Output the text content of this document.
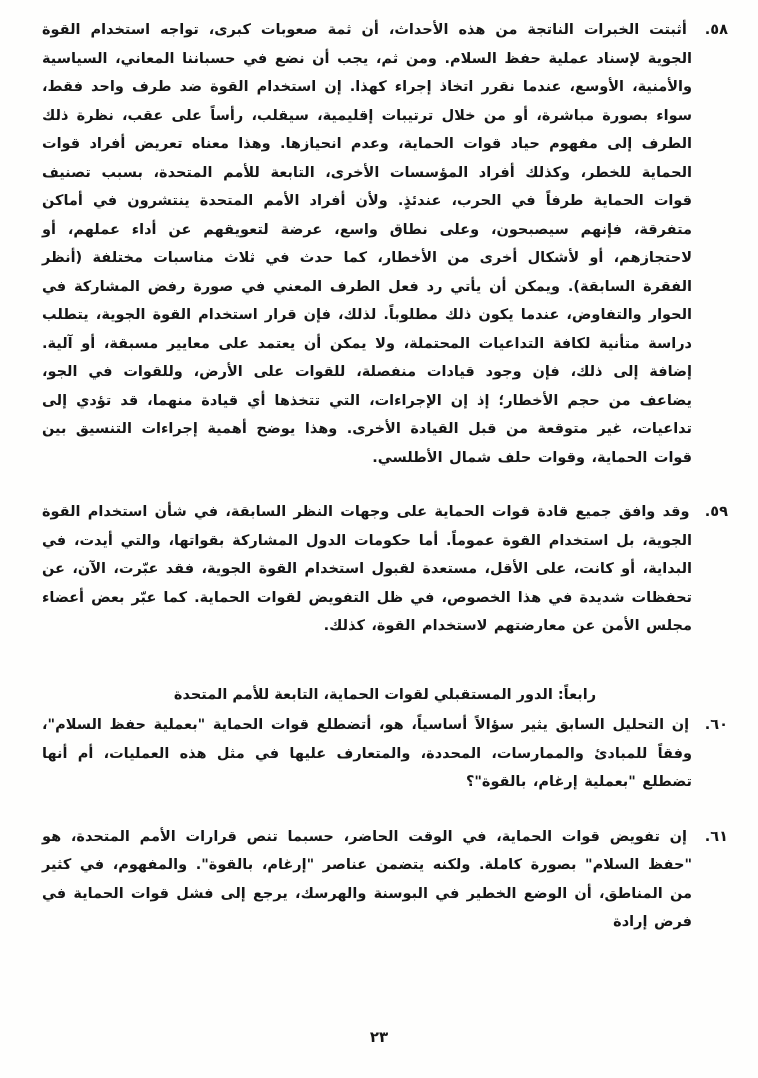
٥٨. أثبتت الخبرات الناتجة من هذه الأحداث، أن ثمة صعوبات كبرى، تواجه استخدام القوة الجوية لإسناد عملية حفظ السلام. ومن ثم، يجب أن نضع في حسباننا المعاني، السياسية والأمنية، الأوسع، عندما نقرر اتخاذ إجراء كهذا. إن استخدام القوة ضد طرف واحد فقط، سواء بصورة مباشرة، أو من خلال ترتيبات إقليمية، سيقلب، رأساً على عقب، نظرة ذلك الطرف إلى مفهوم حياد قوات الحماية، وعدم انحيازها. وهذا معناه تعريض أفراد قوات الحماية للخطر، وكذلك أفراد المؤسسات الأخرى، التابعة للأمم المتحدة، بسبب تصنيف قوات الحماية طرفاً في الحرب، عندئذٍ. ولأن أفراد الأمم المتحدة ينتشرون في أماكن متفرقة، فإنهم سيصبحون، وعلى نطاق واسع، عرضة لتعويقهم عن أداء عملهم، أو لاحتجازهم، أو لأشكال أخرى من الأخطار، كما حدث في ثلاث مناسبات مختلفة (أنظر الفقرة السابقة). ويمكن أن يأتي رد فعل الطرف المعني في صورة رفض المشاركة في الحوار والتفاوض، عندما يكون ذلك مطلوباً. لذلك، فإن قرار استخدام القوة الجوية، يتطلب دراسة متأنية لكافة التداعيات المحتملة، ولا يمكن أن يعتمد على معايير مسبقة، أو آلية. إضافة إلى ذلك، فإن وجود قيادات منفصلة، للقوات على الأرض، وللقوات في الجو، يضاعف من حجم الأخطار؛ إذ إن الإجراءات، التي تتخذها أي قيادة منهما، قد تؤدي إلى تداعيات، غير متوقعة من قبل القيادة الأخرى. وهذا يوضح أهمية إجراءات التنسيق بين قوات الحماية، وقوات حلف شمال الأطلسي.

٥٩. وقد وافق جميع قادة قوات الحماية على وجهات النظر السابقة، في شأن استخدام القوة الجوية، بل استخدام القوة عموماً. أما حكومات الدول المشاركة بقواتها، والتي أيدت، في البداية، أو كانت، على الأقل، مستعدة لقبول استخدام القوة الجوية، فقد عبّرت، الآن، عن تحفظات شديدة في هذا الخصوص، في ظل التفويض لقوات الحماية. كما عبّر بعض أعضاء مجلس الأمن عن معارضتهم لاستخدام القوة، كذلك.

رابعاً: الدور المستقبلي لقوات الحماية، التابعة للأمم المتحدة

٦٠. إن التحليل السابق يثير سؤالاً أساسياً، هو، أتضطلع قوات الحماية "بعملية حفظ السلام"، وفقاً للمبادئ والممارسات، المحددة، والمتعارف عليها في مثل هذه العمليات، أم أنها تضطلع "بعملية إرغام، بالقوة"؟

٦١. إن تفويض قوات الحماية، في الوقت الحاضر، حسبما تنص قرارات الأمم المتحدة، هو "حفظ السلام" بصورة كاملة. ولكنه يتضمن عناصر "إرغام، بالقوة". والمفهوم، في كثير من المناطق، أن الوضع الخطير في البوسنة والهرسك، يرجع إلى فشل قوات الحماية في فرض إرادة

٢٣
